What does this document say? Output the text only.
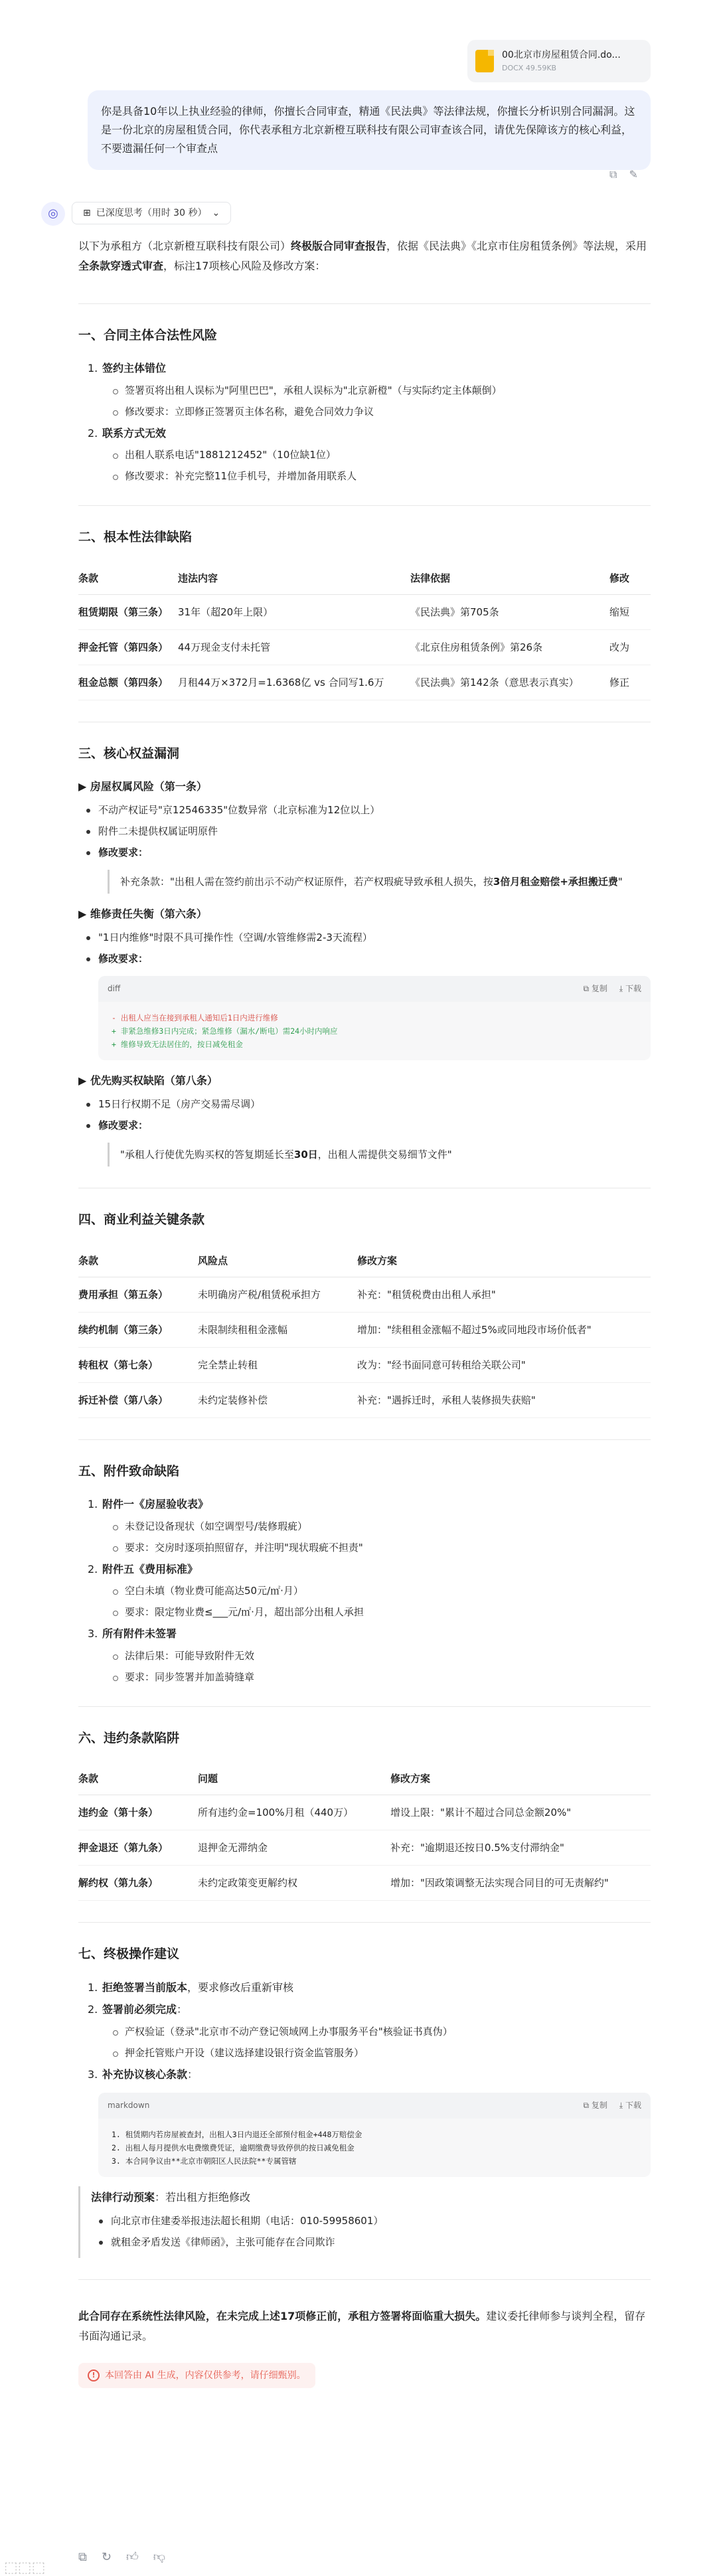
00北京市房屋租赁合同.do...
DOCX 49.59KB
你是具备10年以上执业经验的律师，你擅长合同审查，精通《民法典》等法律法规，你擅长分析识别合同漏洞。这是一份北京的房屋租赁合同，你代表承租方北京新橙互联科技有限公司审查该合同，请优先保障该方的核心利益，不要遗漏任何一个审查点
⧉ ✎
◎	⊞ 已深度思考（用时 30 秒） ⌄
以下为承租方（北京新橙互联科技有限公司）终极版合同审查报告，依据《民法典》《北京市住房租赁条例》等法规，采用全条款穿透式审查，标注17项核心风险及修改方案：
一、合同主体合法性风险
1. 签约主体错位
签署页将出租人误标为"阿里巴巴"，承租人误标为"北京新橙"（与实际约定主体颠倒）
修改要求：立即修正签署页主体名称，避免合同效力争议
2. 联系方式无效
出租人联系电话"1881212452"（10位缺1位）
修改要求：补充完整11位手机号，并增加备用联系人
二、根本性法律缺陷
条款	违法内容	法律依据	修改
租赁期限（第三条）	31年（超20年上限）	《民法典》第705条	缩短
押金托管（第四条）	44万现金支付未托管	《北京住房租赁条例》第26条	改为
租金总额（第四条）	月租44万×372月=1.6368亿 vs 合同写1.6万	《民法典》第142条（意思表示真实）	修正
三、核心权益漏洞
▶ 房屋权属风险（第一条）
不动产权证号"京12546335"位数异常（北京标准为12位以上）
附件二未提供权属证明原件
修改要求：
补充条款："出租人需在签约前出示不动产权证原件，若产权瑕疵导致承租人损失，按3倍月租金赔偿+承担搬迁费"
▶ 维修责任失衡（第六条）
"1日内维修"时限不具可操作性（空调/水管维修需2-3天流程）
修改要求：
diff	⧉ 复制 ⤓ 下载
- 出租人应当在接到承租人通知后1日内进行维修
+ 非紧急维修3日内完成；紧急维修（漏水/断电）需24小时内响应
+ 维修导致无法居住的，按日减免租金
▶ 优先购买权缺陷（第八条）
15日行权期不足（房产交易需尽调）
修改要求：
"承租人行使优先购买权的答复期延长至30日，出租人需提供交易细节文件"
四、商业利益关键条款
条款	风险点	修改方案
费用承担（第五条）	未明确房产税/租赁税承担方	补充："租赁税费由出租人承担"
续约机制（第三条）	未限制续租租金涨幅	增加："续租租金涨幅不超过5%或同地段市场价低者"
转租权（第七条）	完全禁止转租	改为："经书面同意可转租给关联公司"
拆迁补偿（第八条）	未约定装修补偿	补充："遇拆迁时，承租人装修损失获赔"
五、附件致命缺陷
1. 附件一《房屋验收表》
未登记设备现状（如空调型号/装修瑕疵）
要求：交房时逐项拍照留存，并注明"现状瑕疵不担责"
2. 附件五《费用标准》
空白未填（物业费可能高达50元/㎡·月）
要求：限定物业费≤___元/㎡·月，超出部分出租人承担
3. 所有附件未签署
法律后果：可能导致附件无效
要求：同步签署并加盖骑缝章
六、违约条款陷阱
条款	问题	修改方案
违约金（第十条）	所有违约金=100%月租（440万）	增设上限："累计不超过合同总金额20%"
押金退还（第九条）	退押金无滞纳金	补充："逾期退还按日0.5%支付滞纳金"
解约权（第九条）	未约定政策变更解约权	增加："因政策调整无法实现合同目的可无责解约"
七、终极操作建议
1. 拒绝签署当前版本，要求修改后重新审核
2. 签署前必须完成：
产权验证（登录"北京市不动产登记领域网上办事服务平台"核验证书真伪）
押金托管账户开设（建议选择建设银行资金监管服务）
3. 补充协议核心条款：
markdown	⧉ 复制 ⤓ 下载
1. 租赁期内若房屋被查封，出租人3日内退还全部预付租金+448万赔偿金
2. 出租人每月提供水电费缴费凭证，逾期缴费导致停供的按日减免租金
3. 本合同争议由**北京市朝阳区人民法院**专属管辖
法律行动预案：若出租方拒绝修改
向北京市住建委举报违法超长租期（电话：010-59958601）
就租金矛盾发送《律师函》，主张可能存在合同欺诈
此合同存在系统性法律风险，在未完成上述17项修正前，承租方签署将面临重大损失。建议委托律师参与谈判全程，留存书面沟通记录。
!	本回答由 AI 生成，内容仅供参考，请仔细甄别。
⧉ ↻ 👍︎ 👎︎
⬚⬚⬚
